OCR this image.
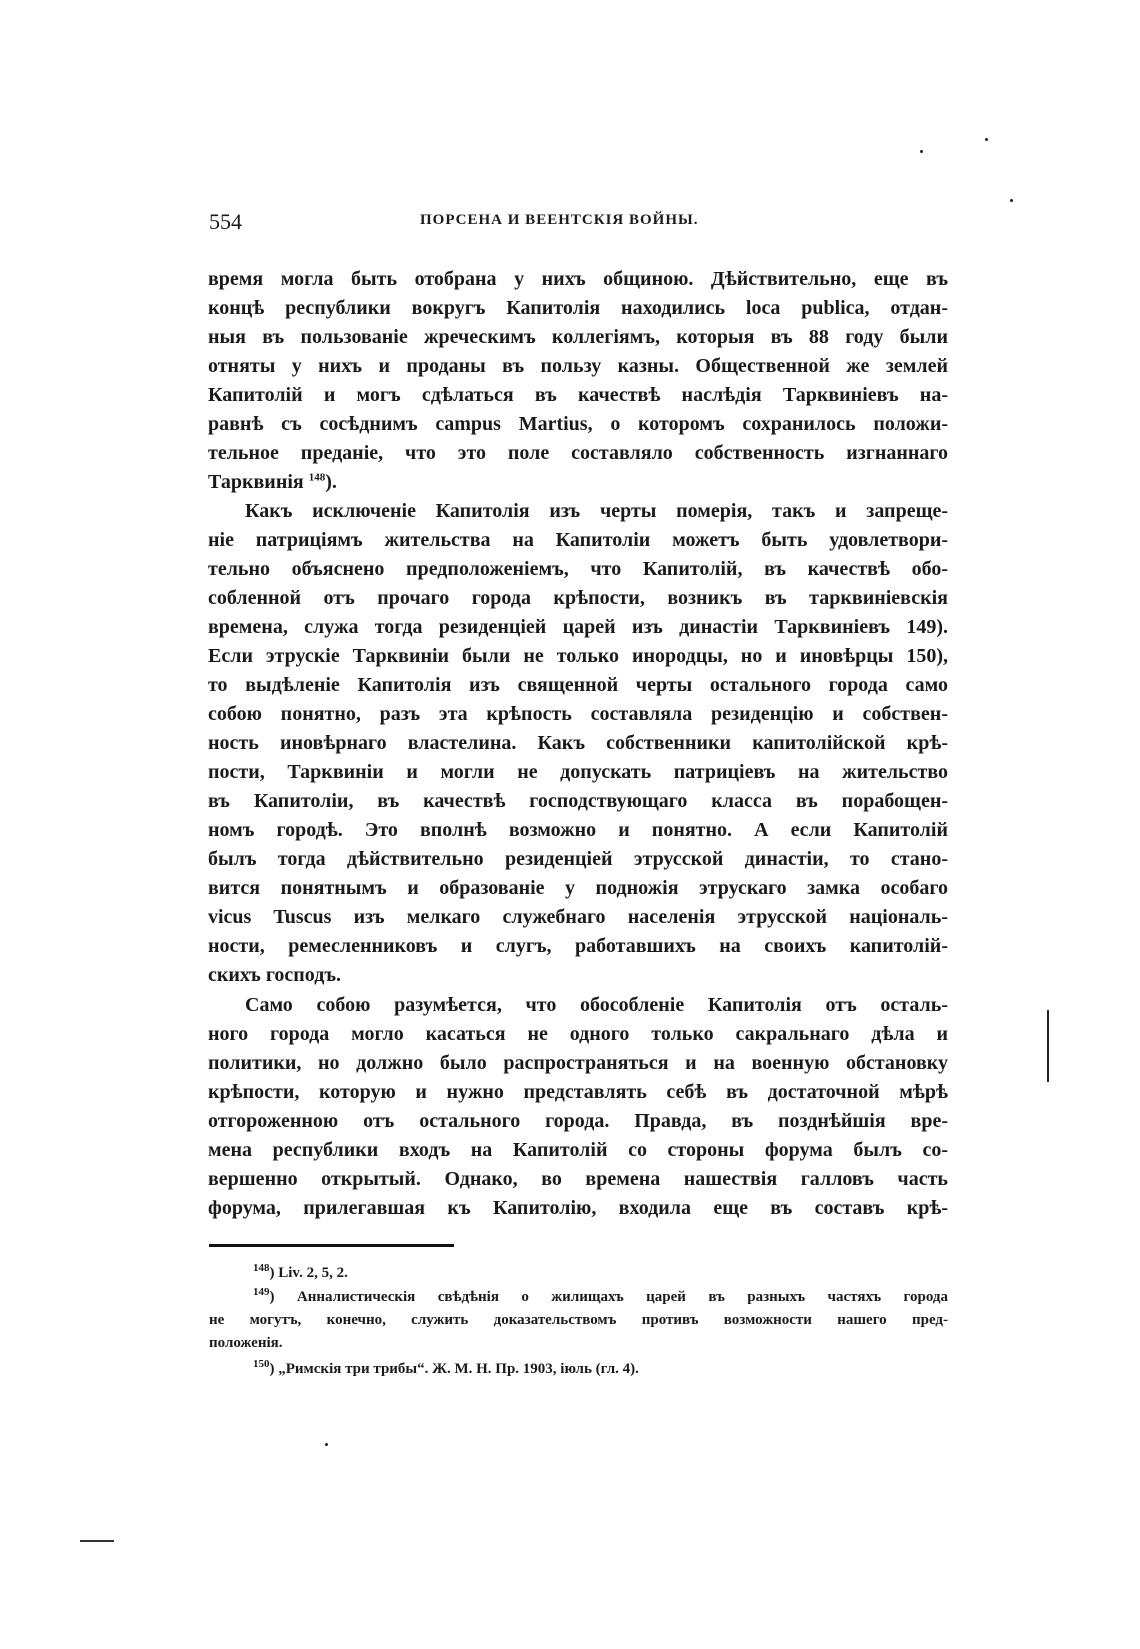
554	ПОРСЕНА И ВЕЕНТСКІЯ ВОЙНЫ.
время могла быть отобрана у нихъ общиною. Дѣйствительно, еще въ
концѣ республики вокругъ Капитолія находились loca publica, отдан-
ныя въ пользованіе жреческимъ коллегіямъ, которыя въ 88 году были
отняты у нихъ и проданы въ пользу казны. Общественной же землей
Капитолій и могъ сдѣлаться въ качествѣ наслѣдія Тарквиніевъ на-
равнѣ съ сосѣднимъ campus Martius, о которомъ сохранилось положи-
тельное преданіе, что это поле составляло собственность изгнаннаго
Тарквинія $^{148}$).
Какъ исключеніе Капитолія изъ черты померія, такъ и запреще-
ніе патриціямъ жительства на Капитоліи можетъ быть удовлетвори-
тельно объяснено предположеніемъ, что Капитолій, въ качествѣ обо-
собленной отъ прочаго города крѣпости, возникъ въ тарквиніевскія
времена, служа тогда резиденціей царей изъ династіи Тарквиніевъ 149).
Если этрускіе Тарквиніи были не только инородцы, но и иновѣрцы 150),
то выдѣленіе Капитолія изъ священной черты остального города само
собою понятно, разъ эта крѣпость составляла резиденцію и собствен-
ность иновѣрнаго властелина. Какъ собственники капитолійской крѣ-
пости, Тарквиніи и могли не допускать патриціевъ на жительство
въ Капитоліи, въ качествѣ господствующаго класса въ порабощен-
номъ городѣ. Это вполнѣ возможно и понятно. А если Капитолій
былъ тогда дѣйствительно резиденціей этрусской династіи, то стано-
вится понятнымъ и образованіе у подножія этрускаго замка особаго
vicus Tuscus изъ мелкаго служебнаго населенія этрусской національ-
ности, ремесленниковъ и слугъ, работавшихъ на своихъ капитолій-
скихъ господъ.
Само собою разумѣется, что обособленіе Капитолія отъ осталь-
ного города могло касаться не одного только сакральнаго дѣла и
политики, но должно было распространяться и на военную обстановку
крѣпости, которую и нужно представлять себѣ въ достаточной мѣрѣ
отгороженною отъ остального города. Правда, въ позднѣйшія вре-
мена республики входъ на Капитолій со стороны форума былъ со-
вершенно открытый. Однако, во времена нашествія галловъ часть
форума, прилегавшая къ Капитолію, входила еще въ составъ крѣ-
$^{148}$) Liv. 2, 5, 2.
$^{149}$) Анналистическія свѣдѣнія о жилищахъ царей въ разныхъ частяхъ города
не могутъ, конечно, служить доказательствомъ противъ возможности нашего пред-
положенія.
$^{150}$) „Римскія три трибы“. Ж. М. Н. Пр. 1903, іюль (гл. 4).
